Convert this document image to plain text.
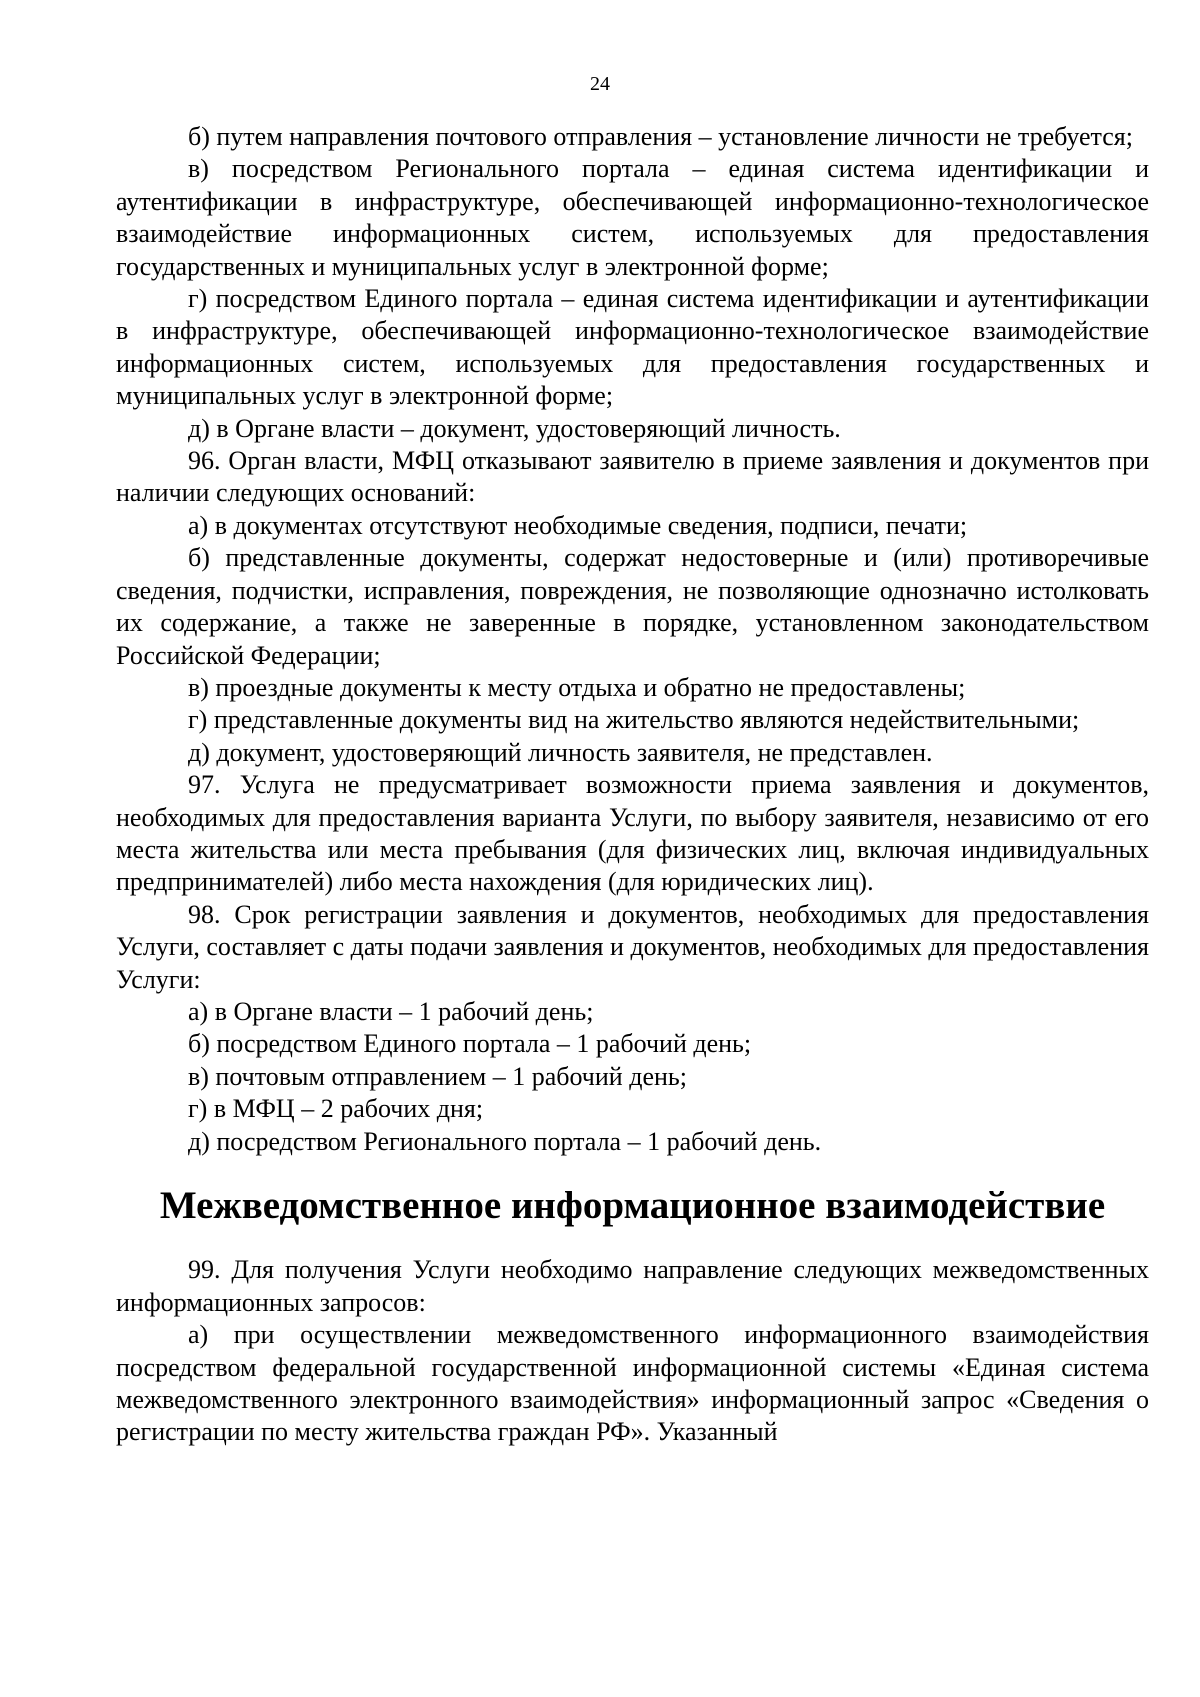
24

б) путем направления почтового отправления – установление личности не требуется;

в) посредством Регионального портала – единая система идентификации и аутентификации в инфраструктуре, обеспечивающей информационно-технологическое взаимодействие информационных систем, используемых для предоставления государственных и муниципальных услуг в электронной форме;

г) посредством Единого портала – единая система идентификации и аутентификации в инфраструктуре, обеспечивающей информационно-технологическое взаимодействие информационных систем, используемых для предоставления государственных и муниципальных услуг в электронной форме;

д) в Органе власти – документ, удостоверяющий личность.

96. Орган власти, МФЦ отказывают заявителю в приеме заявления и документов при наличии следующих оснований:

а) в документах отсутствуют необходимые сведения, подписи, печати;

б) представленные документы, содержат недостоверные и (или) противоречивые сведения, подчистки, исправления, повреждения, не позволяющие однозначно истолковать их содержание, а также не заверенные в порядке, установленном законодательством Российской Федерации;

в) проездные документы к месту отдыха и обратно не предоставлены;

г) представленные документы вид на жительство являются недействительными;

д) документ, удостоверяющий личность заявителя, не представлен.

97. Услуга не предусматривает возможности приема заявления и документов, необходимых для предоставления варианта Услуги, по выбору заявителя, независимо от его места жительства или места пребывания (для физических лиц, включая индивидуальных предпринимателей) либо места нахождения (для юридических лиц).

98. Срок регистрации заявления и документов, необходимых для предоставления Услуги, составляет с даты подачи заявления и документов, необходимых для предоставления Услуги:

а) в Органе власти – 1 рабочий день;

б) посредством Единого портала – 1 рабочий день;

в) почтовым отправлением – 1 рабочий день;

г) в МФЦ – 2 рабочих дня;

д) посредством Регионального портала – 1 рабочий день.

Межведомственное информационное взаимодействие

99. Для получения Услуги необходимо направление следующих межведомственных информационных запросов:

а) при осуществлении межведомственного информационного взаимодействия посредством федеральной государственной информационной системы «Единая система межведомственного электронного взаимодействия» информационный запрос «Сведения о регистрации по месту жительства граждан РФ». Указанный
